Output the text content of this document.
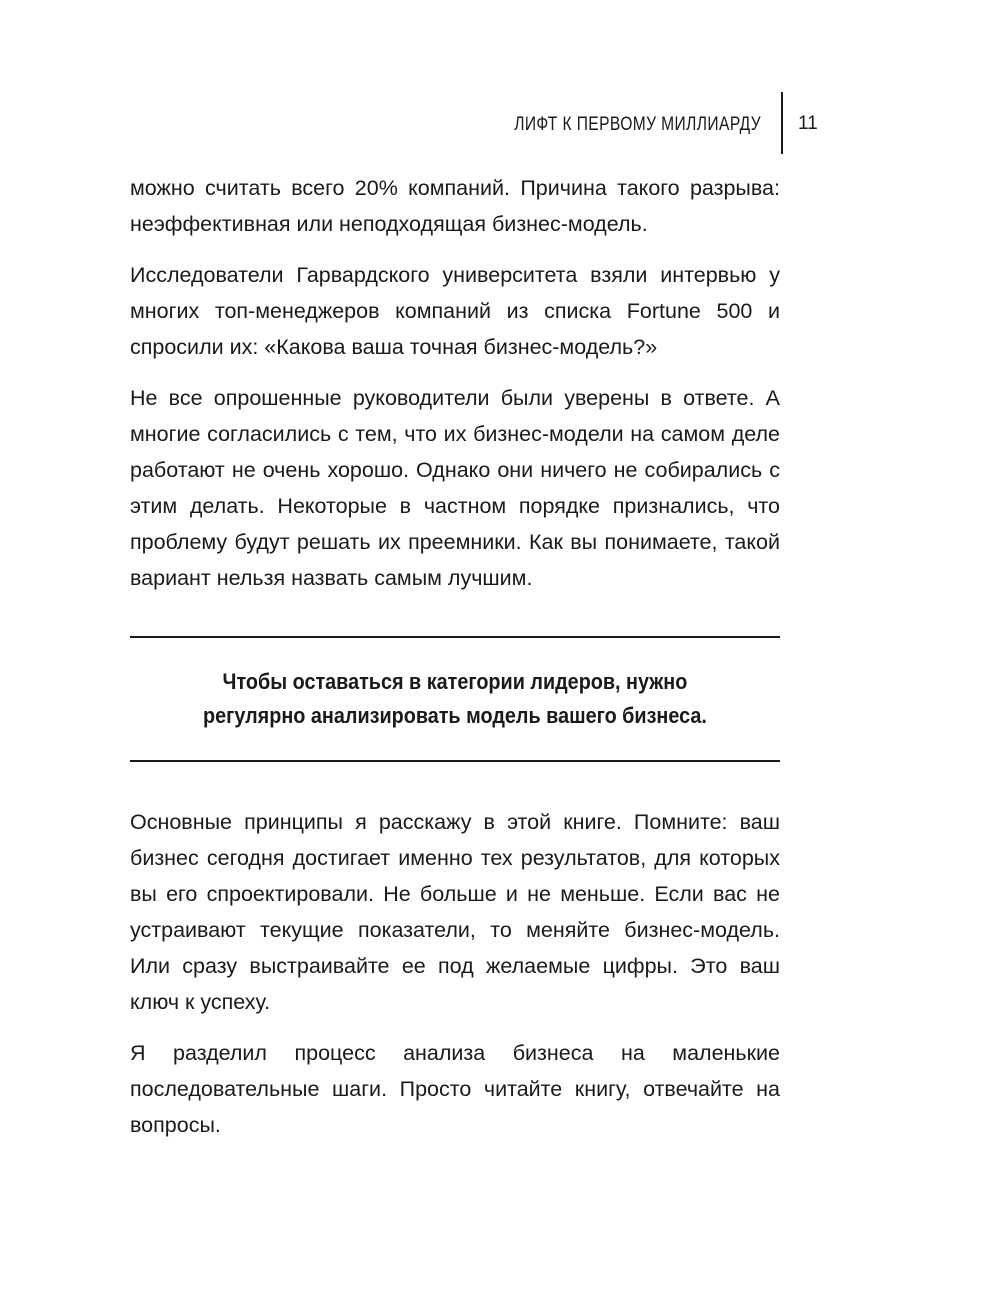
ЛИФТ К ПЕРВОМУ МИЛЛИАРДУ 11

можно считать всего 20% компаний. Причина такого разрыва: неэффективная или неподходящая бизнес-модель.

Исследователи Гарвардского университета взяли интервью у многих топ-менеджеров компаний из списка Fortune 500 и спросили их: «Какова ваша точная бизнес-модель?»

Не все опрошенные руководители были уверены в ответе. А многие согласились с тем, что их бизнес-модели на самом деле работают не очень хорошо. Однако они ничего не собирались с этим делать. Некоторые в частном порядке признались, что проблему будут решать их преемники. Как вы понимаете, такой вариант нельзя назвать самым лучшим.

Чтобы оставаться в категории лидеров, нужно
регулярно анализировать модель вашего бизнеса.

Основные принципы я расскажу в этой книге. Помните: ваш бизнес сегодня достигает именно тех результатов, для которых вы его спроектировали. Не больше и не меньше. Если вас не устраивают текущие показатели, то меняйте бизнес-модель. Или сразу выстраивайте ее под желаемые цифры. Это ваш ключ к успеху.

Я разделил процесс анализа бизнеса на маленькие последовательные шаги. Просто читайте книгу, отвечайте на вопросы.
